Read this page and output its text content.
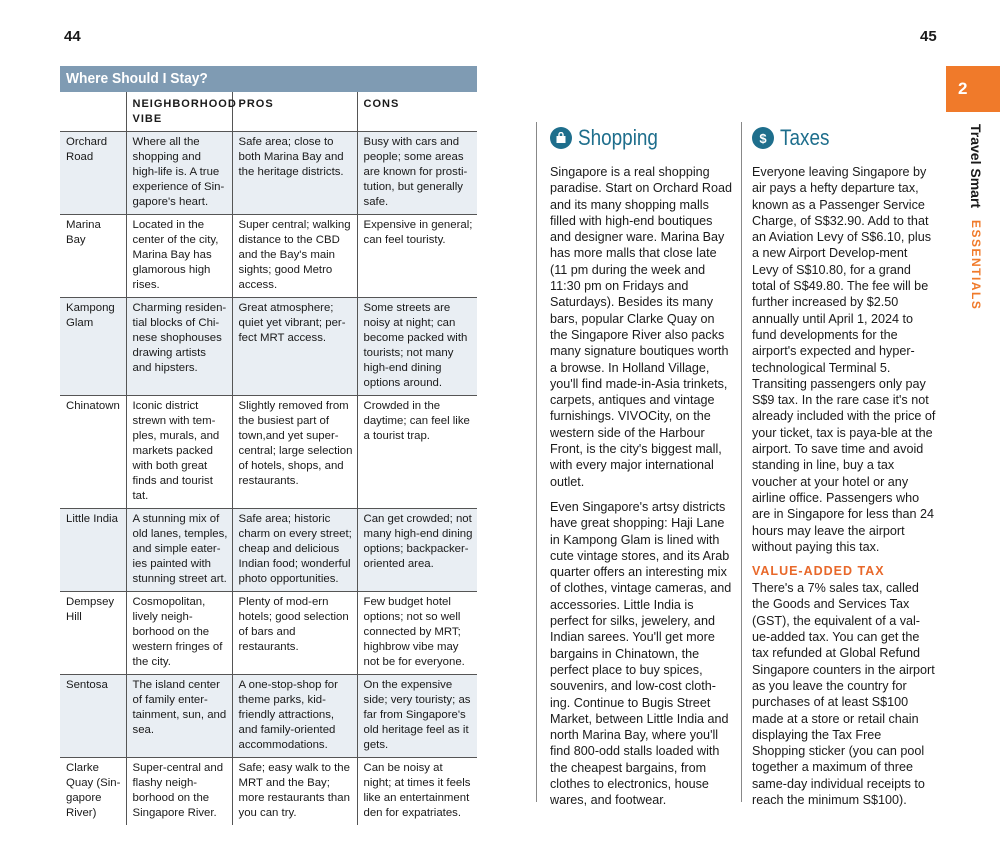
44	45
Where Should I Stay?
	NEIGHBORHOOD VIBE	PROS	CONS
Orchard Road	Where all the shopping and high-life is. A true experience of Sin-gapore's heart.	Safe area; close to both Marina Bay and the heritage districts.	Busy with cars and people; some areas are known for prosti-tution, but generally safe.
Marina Bay	Located in the center of the city, Marina Bay has glamorous high rises.	Super central; walking distance to the CBD and the Bay's main sights; good Metro access.	Expensive in general; can feel touristy.
Kampong Glam	Charming residen-tial blocks of Chi-nese shophouses drawing artists and hipsters.	Great atmosphere; quiet yet vibrant; per-fect MRT access.	Some streets are noisy at night; can become packed with tourists; not many high-end dining options around.
Chinatown	Iconic district strewn with tem-ples, murals, and markets packed with both great finds and tourist tat.	Slightly removed from the busiest part of town,and yet super-central; large selection of hotels, shops, and restaurants.	Crowded in the daytime; can feel like a tourist trap.
Little India	A stunning mix of old lanes, temples, and simple eater-ies painted with stunning street art.	Safe area; historic charm on every street; cheap and delicious Indian food; wonderful photo opportunities.	Can get crowded; not many high-end dining options; backpacker-oriented area.
Dempsey Hill	Cosmopolitan, lively neigh-borhood on the western fringes of the city.	Plenty of mod-ern hotels; good selection of bars and restaurants.	Few budget hotel options; not so well connected by MRT; highbrow vibe may not be for everyone.
Sentosa	The island center of family enter-tainment, sun, and sea.	A one-stop-shop for theme parks, kid-friendly attractions, and family-oriented accommodations.	On the expensive side; very touristy; as far from Singapore's old heritage feel as it gets.
Clarke Quay (Sin-gapore River)	Super-central and flashy neigh-borhood on the Singapore River.	Safe; easy walk to the MRT and the Bay; more restaurants than you can try.	Can be noisy at night; at times it feels like an entertainment den for expatriates.
Shopping

Singapore is a real shopping paradise. Start on Orchard Road and its many shopping malls filled with high-end boutiques and designer ware. Marina Bay has more malls that close late (11 pm during the week and 11:30 pm on Fridays and Saturdays). Besides its many bars, popular Clarke Quay on the Singapore River also packs many signature boutiques worth a browse. In Holland Village, you'll find made-in-Asia trinkets, carpets, antiques and vintage furnishings. VIVOCity, on the western side of the Harbour Front, is the city's biggest mall, with every major international outlet.

Even Singapore's artsy districts have great shopping: Haji Lane in Kampong Glam is lined with cute vintage stores, and its Arab quarter offers an interesting mix of clothes, vintage cameras, and accessories. Little India is perfect for silks, jewelery, and Indian sarees. You'll get more bargains in Chinatown, the perfect place to buy spices, souvenirs, and low-cost cloth-ing. Continue to Bugis Street Market, between Little India and north Marina Bay, where you'll find 800-odd stalls loaded with the cheapest bargains, from clothes to electronics, house wares, and footwear.

$ Taxes

Everyone leaving Singapore by air pays a hefty departure tax, known as a Passenger Service Charge, of S$32.90. Add to that an Aviation Levy of S$6.10, plus a new Airport Develop-ment Levy of S$10.80, for a grand total of S$49.80. The fee will be further increased by $2.50 annually until April 1, 2024 to fund developments for the airport's expected and hyper-technological Terminal 5. Transiting passengers only pay S$9 tax. In the rare case it's not already included with the price of your ticket, tax is paya-ble at the airport. To save time and avoid standing in line, buy a tax voucher at your hotel or any airline office. Passengers who are in Singapore for less than 24 hours may leave the airport without paying this tax.

VALUE-ADDED TAX

There's a 7% sales tax, called the Goods and Services Tax (GST), the equivalent of a val-ue-added tax. You can get the tax refunded at Global Refund Singapore counters in the airport as you leave the country for purchases of at least S$100 made at a store or retail chain displaying the Tax Free Shopping sticker (you can pool together a maximum of three same-day individual receipts to reach the minimum S$100).

2
Travel Smart ESSENTIALS
